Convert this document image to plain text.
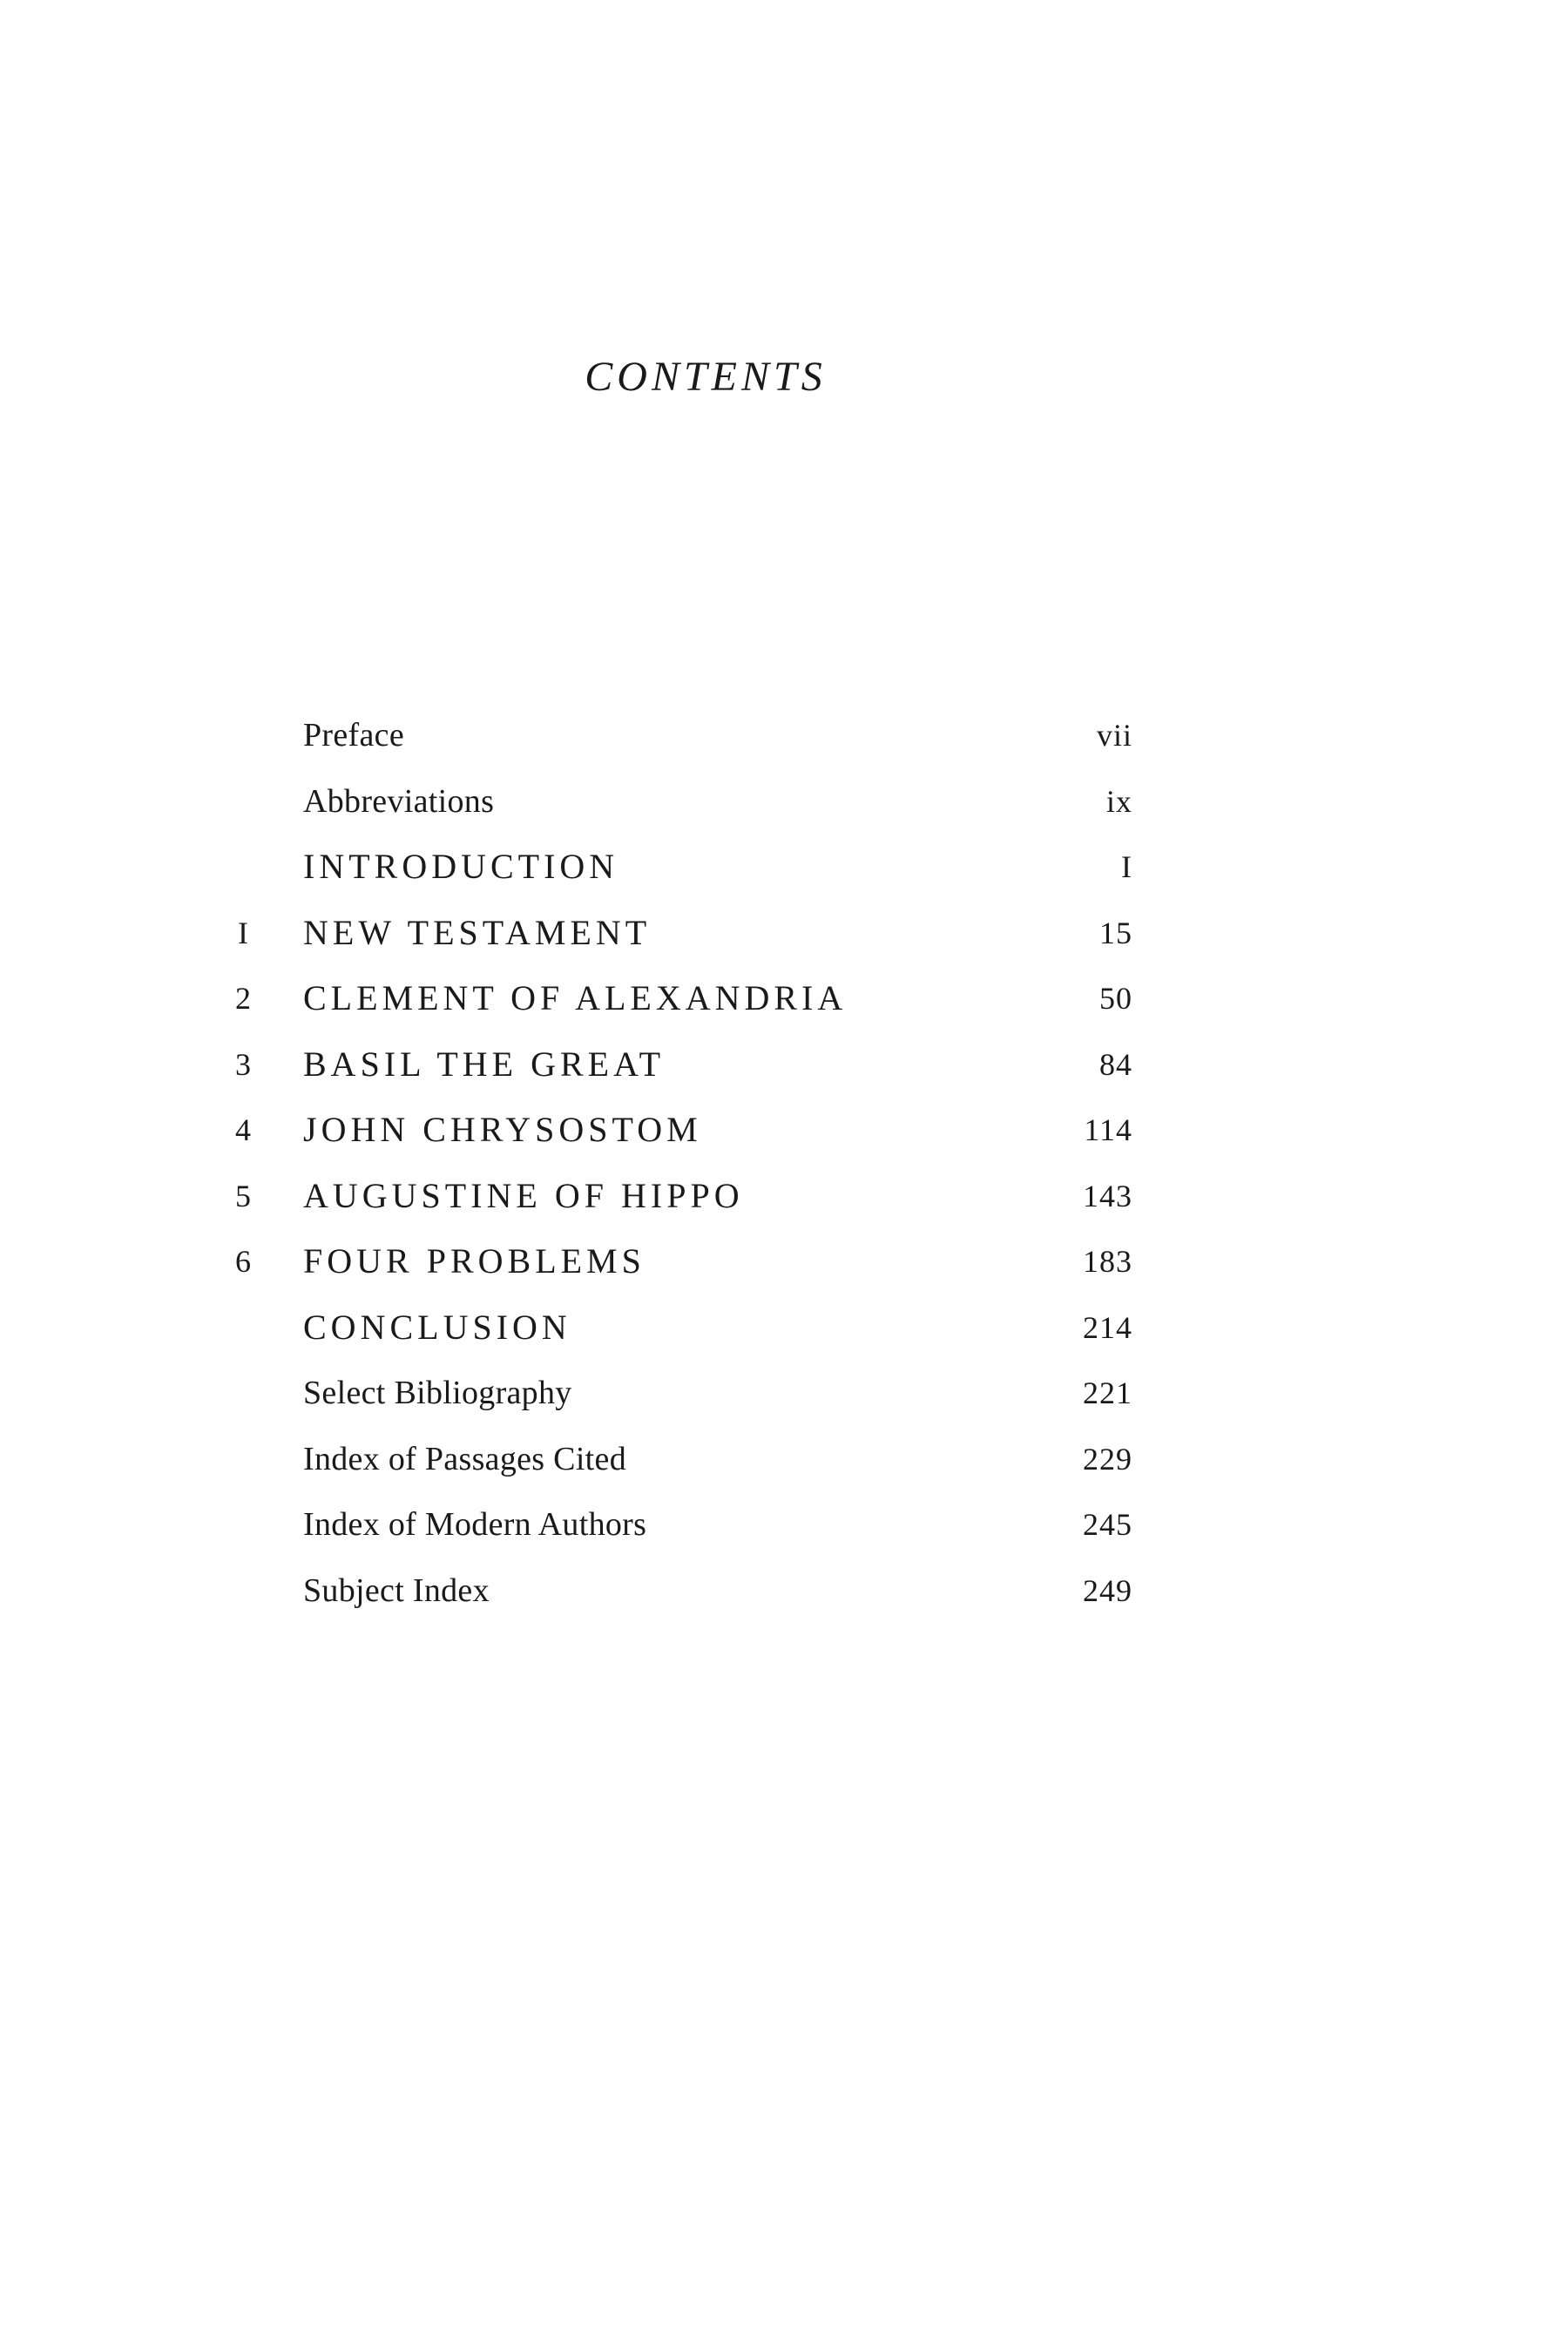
CONTENTS
Preface	vii
Abbreviations	ix
INTRODUCTION	I
I	NEW TESTAMENT	15
2	CLEMENT OF ALEXANDRIA	50
3	BASIL THE GREAT	84
4	JOHN CHRYSOSTOM	114
5	AUGUSTINE OF HIPPO	143
6	FOUR PROBLEMS	183
CONCLUSION	214
Select Bibliography	221
Index of Passages Cited	229
Index of Modern Authors	245
Subject Index	249
